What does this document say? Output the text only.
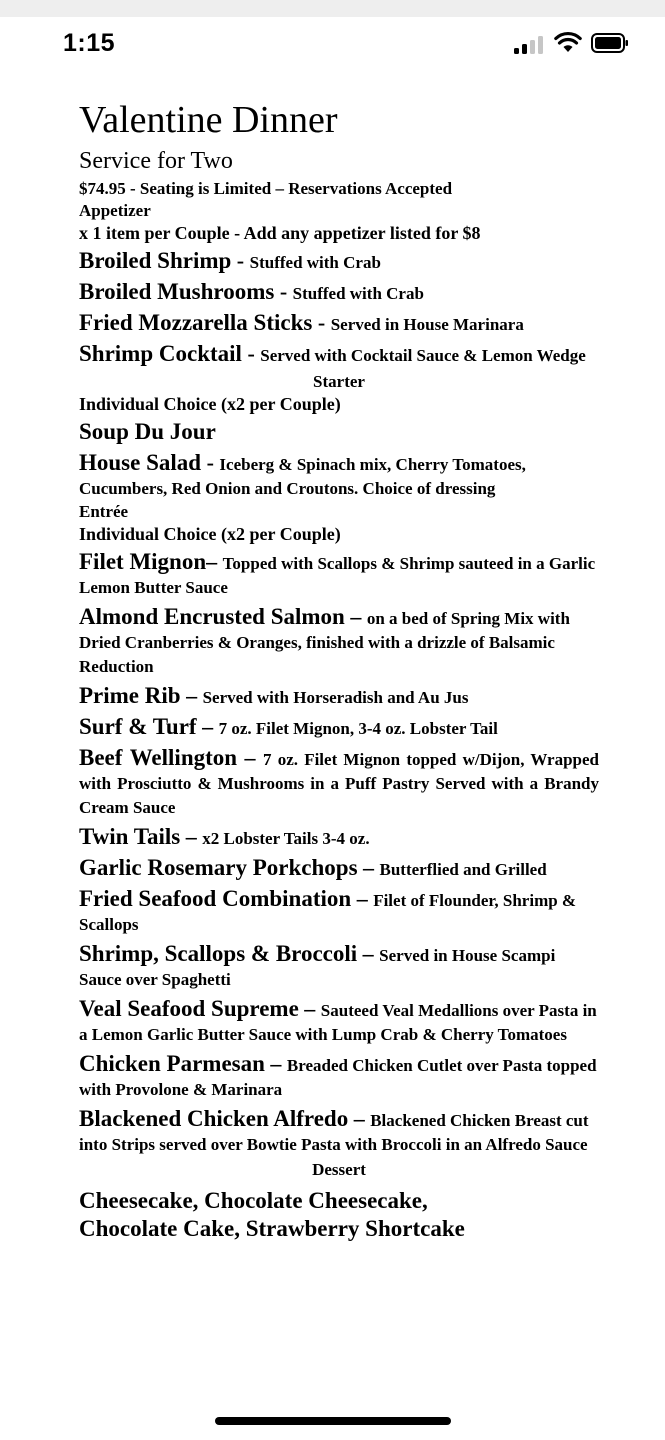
1:15
Valentine Dinner
Service for Two
$74.95 - Seating is Limited – Reservations Accepted
Appetizer
x 1 item per Couple - Add any appetizer listed for $8
Broiled Shrimp - Stuffed with Crab
Broiled Mushrooms - Stuffed with Crab
Fried Mozzarella Sticks - Served in House Marinara
Shrimp Cocktail - Served with Cocktail Sauce & Lemon Wedge
Starter
Individual Choice (x2 per Couple)
Soup Du Jour
House Salad - Iceberg & Spinach mix, Cherry Tomatoes, Cucumbers, Red Onion and Croutons. Choice of dressing
Entrée
Individual Choice (x2 per Couple)
Filet Mignon– Topped with Scallops & Shrimp sauteed in a Garlic Lemon Butter Sauce
Almond Encrusted Salmon – on a bed of Spring Mix with Dried Cranberries & Oranges, finished with a drizzle of Balsamic Reduction
Prime Rib – Served with Horseradish and Au Jus
Surf & Turf – 7 oz. Filet Mignon, 3-4 oz. Lobster Tail
Beef Wellington – 7 oz. Filet Mignon topped w/Dijon, Wrapped with Prosciutto & Mushrooms in a Puff Pastry Served with a Brandy Cream Sauce
Twin Tails – x2 Lobster Tails 3-4 oz.
Garlic Rosemary Porkchops – Butterflied and Grilled
Fried Seafood Combination – Filet of Flounder, Shrimp & Scallops
Shrimp, Scallops & Broccoli – Served in House Scampi Sauce over Spaghetti
Veal Seafood Supreme – Sauteed Veal Medallions over Pasta in a Lemon Garlic Butter Sauce with Lump Crab & Cherry Tomatoes
Chicken Parmesan – Breaded Chicken Cutlet over Pasta topped with Provolone & Marinara
Blackened Chicken Alfredo – Blackened Chicken Breast cut into Strips served over Bowtie Pasta with Broccoli in an Alfredo Sauce
Dessert
Cheesecake, Chocolate Cheesecake,
Chocolate Cake, Strawberry Shortcake
